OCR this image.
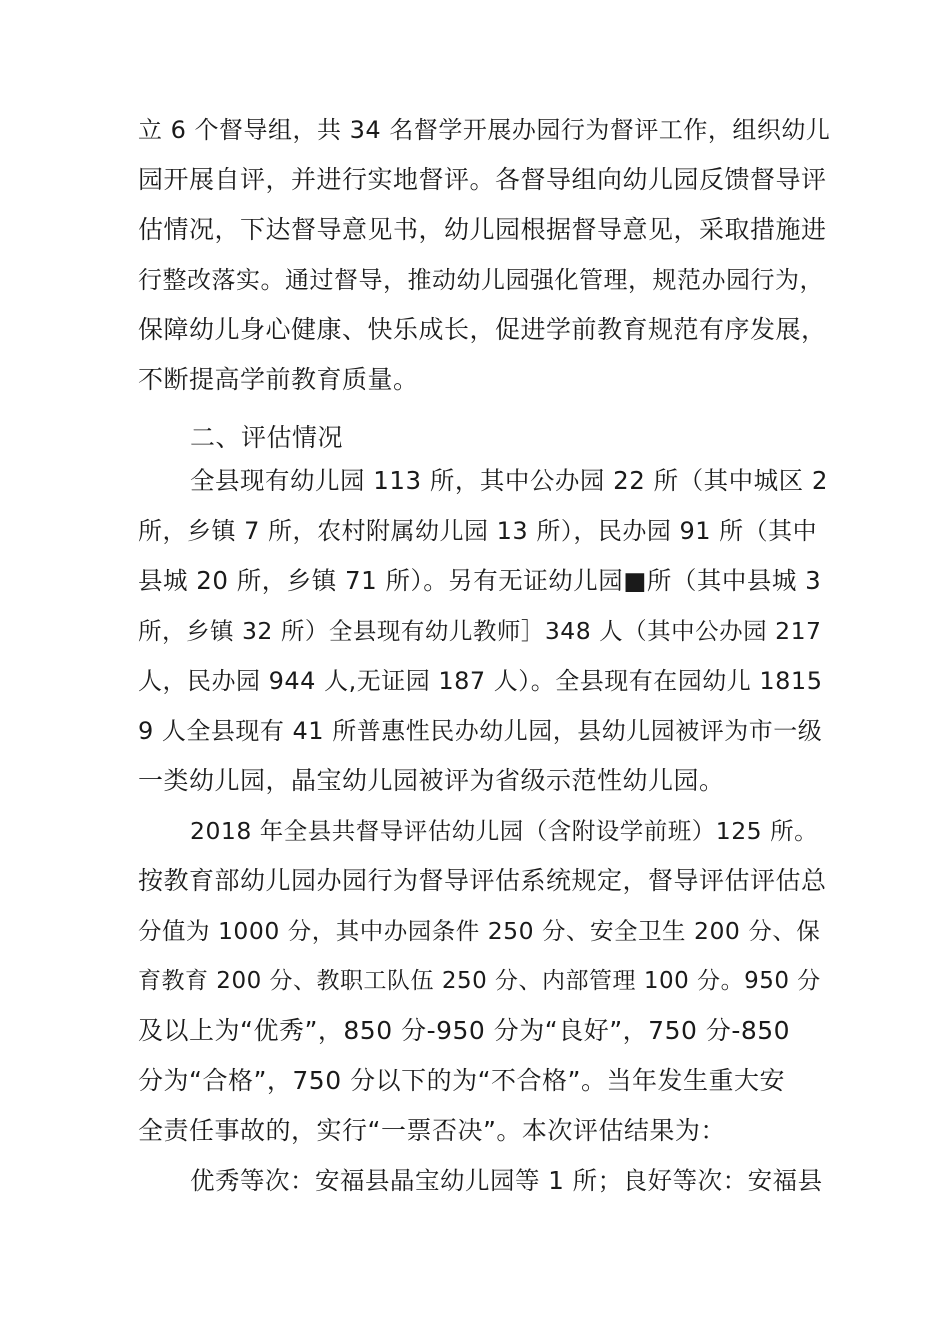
立 6 个督导组，共 34 名督学开展办园行为督评工作，组织幼儿
园开展自评，并进行实地督评。各督导组向幼儿园反馈督导评
估情况，下达督导意见书，幼儿园根据督导意见，采取措施进
行整改落实。通过督导，推动幼儿园强化管理，规范办园行为，
保障幼儿身心健康、快乐成长，促进学前教育规范有序发展，
不断提高学前教育质量。
二、评估情况
全县现有幼儿园 113 所，其中公办园 22 所（其中城区 2
所，乡镇 7 所，农村附属幼儿园 13 所），民办园 91 所（其中
县城 20 所，乡镇 71 所）。另有无证幼儿园■所（其中县城 3
所，乡镇 32 所）全县现有幼儿教师］348 人（其中公办园 217
人，民办园 944 人,无证园 187 人）。全县现有在园幼儿 1815
9 人全县现有 41 所普惠性民办幼儿园，县幼儿园被评为市一级
一类幼儿园，晶宝幼儿园被评为省级示范性幼儿园。
2018 年全县共督导评估幼儿园（含附设学前班）125 所。
按教育部幼儿园办园行为督导评估系统规定，督导评估评估总
分值为 1000 分，其中办园条件 250 分、安全卫生 200 分、保
育教育 200 分、教职工队伍 250 分、内部管理 100 分。950 分
及以上为“优秀”，850 分-950 分为“良好”，750 分-850
分为“合格”，750 分以下的为“不合格”。当年发生重大安
全责任事故的，实行“一票否决”。本次评估结果为：
优秀等次：安福县晶宝幼儿园等 1 所；良好等次：安福县
